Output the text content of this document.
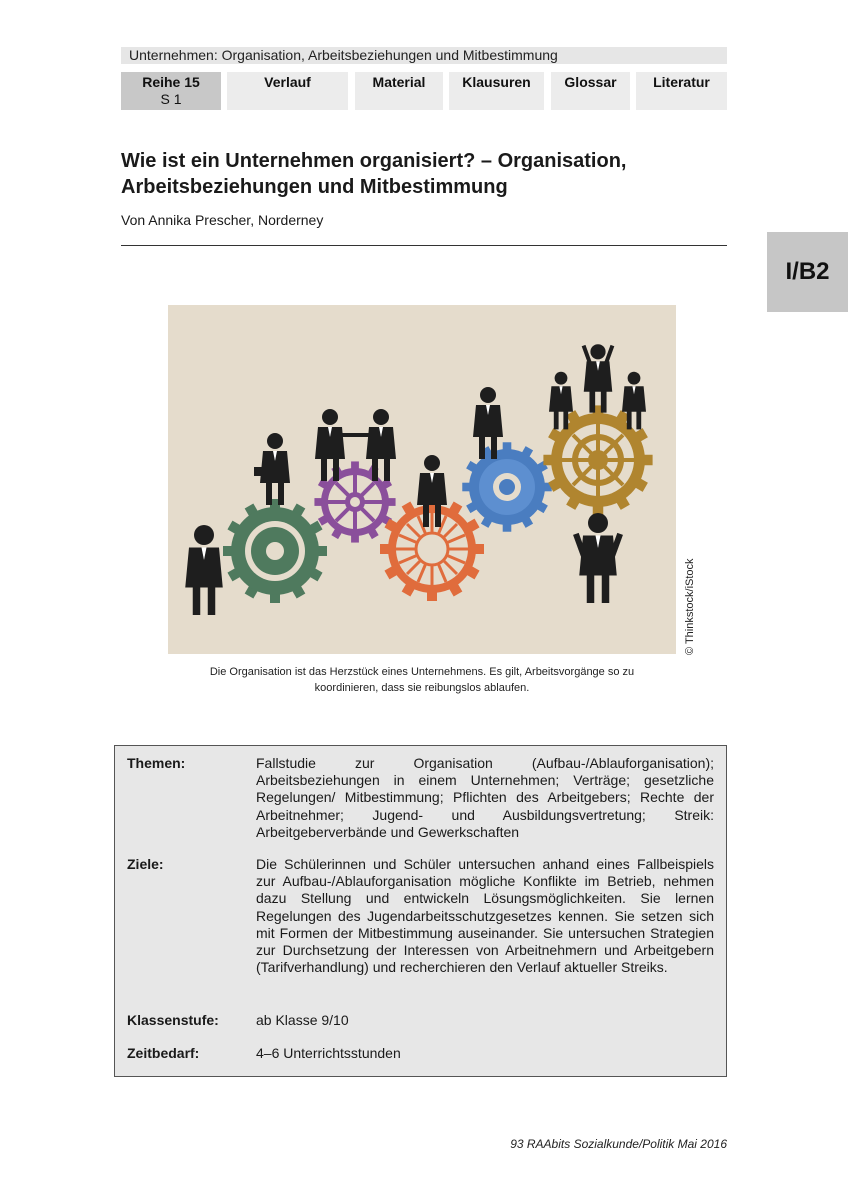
Unternehmen: Organisation, Arbeitsbeziehungen und Mitbestimmung
Reihe 15
S 1
Verlauf	Material	Klausuren	Glossar	Literatur
I/B2
Wie ist ein Unternehmen organisiert? – Organisation,
Arbeitsbeziehungen und Mitbestimmung
Von Annika Prescher, Norderney
© Thinkstock/iStock
Die Organisation ist das Herzstück eines Unternehmens. Es gilt, Arbeitsvorgänge so zu
koordinieren, dass sie reibungslos ablaufen.
Themen:	Fallstudie zur Organisation (Aufbau-/Ablauforganisation); Arbeitsbeziehungen in einem Unternehmen; Verträge; gesetzliche Regelungen/ Mitbestimmung; Pflichten des Arbeitgebers; Rechte der Arbeitnehmer; Jugend- und Ausbildungsvertretung; Streik: Arbeitgeberverbände und Gewerkschaften
Ziele:	Die Schülerinnen und Schüler untersuchen anhand eines Fallbeispiels zur Aufbau-/Ablauforganisation mögliche Konflikte im Betrieb, nehmen dazu Stellung und entwickeln Lösungsmöglichkeiten. Sie lernen Regelungen des Jugendarbeitsschutzgesetzes kennen. Sie setzen sich mit Formen der Mitbestimmung auseinander. Sie untersuchen Strategien zur Durchsetzung der Interessen von Arbeitnehmern und Arbeitgebern (Tarifverhandlung) und recherchieren den Verlauf aktueller Streiks.
Klassenstufe:	ab Klasse 9/10
Zeitbedarf:	4–6 Unterrichtsstunden
93 RAAbits Sozialkunde/Politik Mai 2016
